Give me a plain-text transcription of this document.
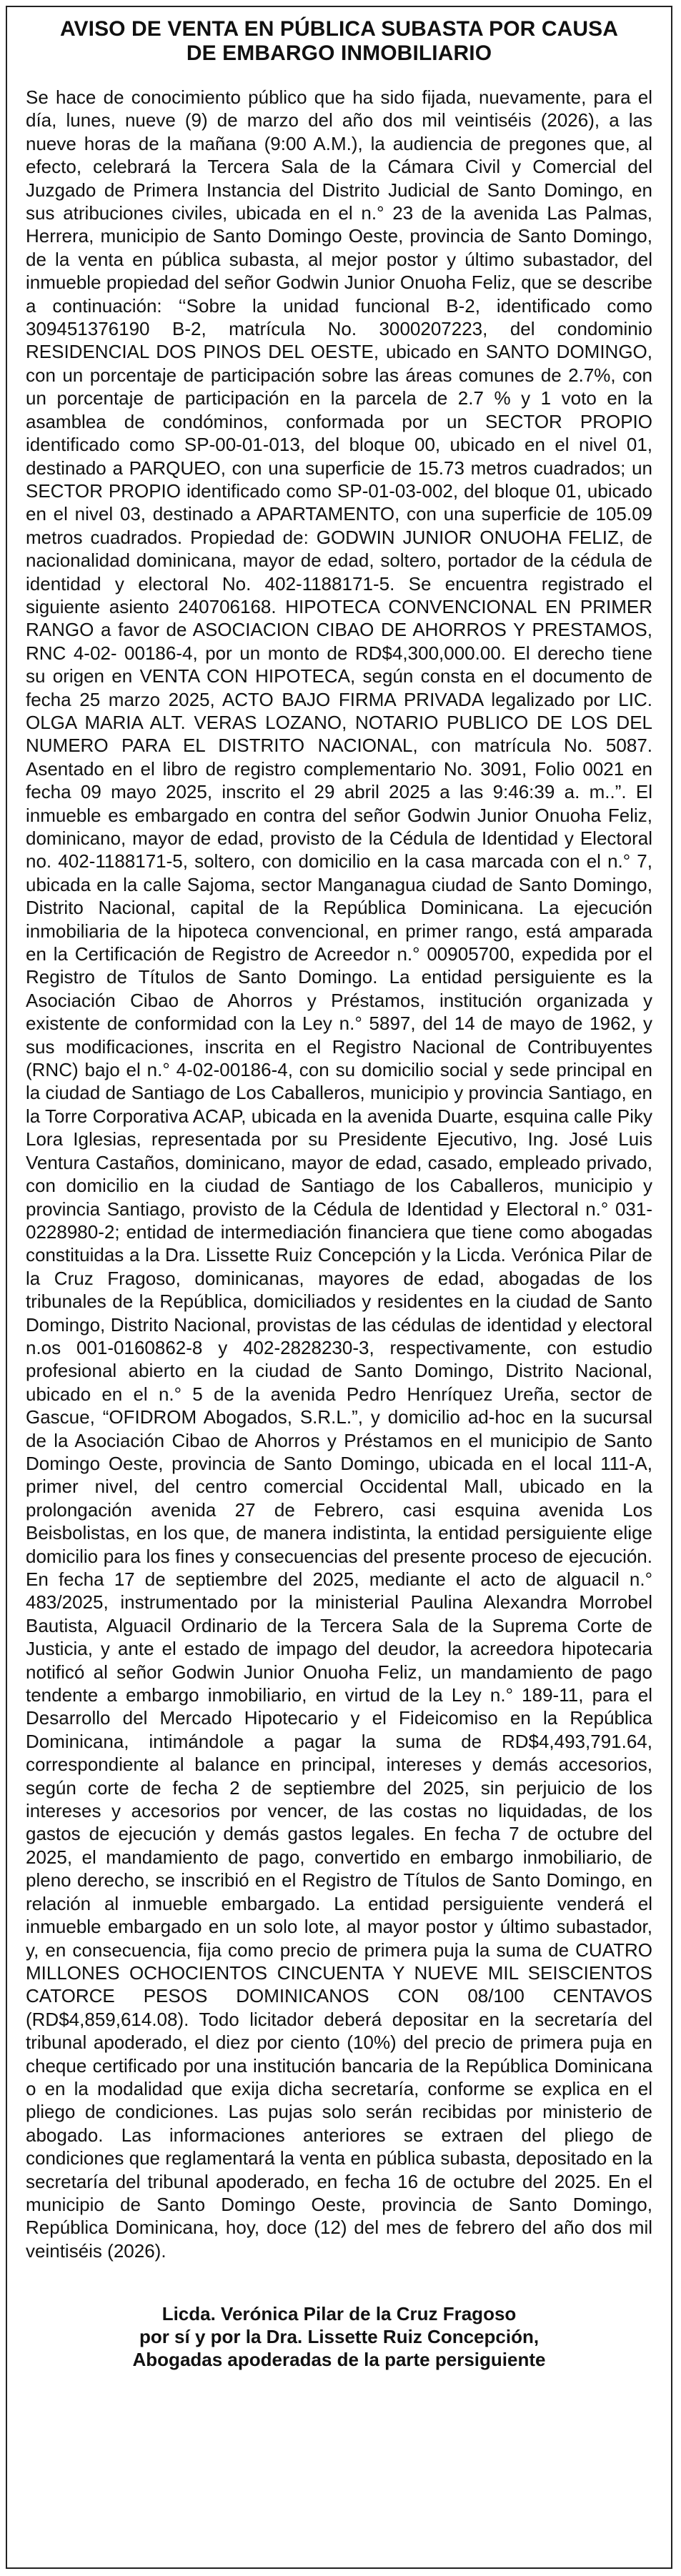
AVISO DE VENTA EN PÚBLICA SUBASTA POR CAUSA
DE EMBARGO INMOBILIARIO

Se hace de conocimiento público que ha sido fijada, nuevamente, para el día, lunes, nueve (9) de marzo del año dos mil veintiséis (2026), a las nueve horas de la mañana (9:00 A.M.), la audiencia de pregones que, al efecto, celebrará la Tercera Sala de la Cámara Civil y Comercial del Juzgado de Primera Instancia del Distrito Judicial de Santo Domingo, en sus atribuciones civiles, ubicada en el n.° 23 de la avenida Las Palmas, Herrera, municipio de Santo Domingo Oeste, provincia de Santo Domingo, de la venta en pública subasta, al mejor postor y último subastador, del inmueble propiedad del señor Godwin Junior Onuoha Feliz, que se describe a continuación: ‘‘Sobre la unidad funcional B-2, identificado como 309451376190 B-2, matrícula No. 3000207223, del condominio RESIDENCIAL DOS PINOS DEL OESTE, ubicado en SANTO DOMINGO, con un porcentaje de participación sobre las áreas comunes de 2.7%, con un porcentaje de participación en la parcela de 2.7 % y 1 voto en la asamblea de condóminos, conformada por un SECTOR PROPIO identificado como SP-00-01-013, del bloque 00, ubicado en el nivel 01, destinado a PARQUEO, con una superficie de 15.73 metros cuadrados; un SECTOR PROPIO identificado como SP-01-03-002, del bloque 01, ubicado en el nivel 03, destinado a APARTAMENTO, con una superficie de 105.09 metros cuadrados. Propiedad de: GODWIN JUNIOR ONUOHA FELIZ, de nacionalidad dominicana, mayor de edad, soltero, portador de la cédula de identidad y electoral No. 402-1188171-5. Se encuentra registrado el siguiente asiento 240706168. HIPOTECA CONVENCIONAL EN PRIMER RANGO a favor de ASOCIACION CIBAO DE AHORROS Y PRESTAMOS, RNC 4-02- 00186-4, por un monto de RD$4,300,000.00. El derecho tiene su origen en VENTA CON HIPOTECA, según consta en el documento de fecha 25 marzo 2025, ACTO BAJO FIRMA PRIVADA legalizado por LIC. OLGA MARIA ALT. VERAS LOZANO, NOTARIO PUBLICO DE LOS DEL NUMERO PARA EL DISTRITO NACIONAL, con matrícula No. 5087. Asentado en el libro de registro complementario No. 3091, Folio 0021 en fecha 09 mayo 2025, inscrito el 29 abril 2025 a las 9:46:39 a. m..”. El inmueble es embargado en contra del señor Godwin Junior Onuoha Feliz, dominicano, mayor de edad, provisto de la Cédula de Identidad y Electoral no. 402-1188171-5, soltero, con domicilio en la casa marcada con el n.° 7, ubicada en la calle Sajoma, sector Manganagua ciudad de Santo Domingo, Distrito Nacional, capital de la República Dominicana. La ejecución inmobiliaria de la hipoteca convencional, en primer rango, está amparada en la Certificación de Registro de Acreedor n.° 00905700, expedida por el Registro de Títulos de Santo Domingo. La entidad persiguiente es la Asociación Cibao de Ahorros y Préstamos, institución organizada y existente de conformidad con la Ley n.° 5897, del 14 de mayo de 1962, y sus modificaciones, inscrita en el Registro Nacional de Contribuyentes (RNC) bajo el n.° 4-02-00186-4, con su domicilio social y sede principal en la ciudad de Santiago de Los Caballeros, municipio y provincia Santiago, en la Torre Corporativa ACAP, ubicada en la avenida Duarte, esquina calle Piky Lora Iglesias, representada por su Presidente Ejecutivo, Ing. José Luis Ventura Castaños, dominicano, mayor de edad, casado, empleado privado, con domicilio en la ciudad de Santiago de los Caballeros, municipio y provincia Santiago, provisto de la Cédula de Identidad y Electoral n.° 031-0228980-2; entidad de intermediación financiera que tiene como abogadas constituidas a la Dra. Lissette Ruiz Concepción y la Licda. Verónica Pilar de la Cruz Fragoso, dominicanas, mayores de edad, abogadas de los tribunales de la República, domiciliados y residentes en la ciudad de Santo Domingo, Distrito Nacional, provistas de las cédulas de identidad y electoral n.os 001-0160862-8 y 402-2828230-3, respectivamente, con estudio profesional abierto en la ciudad de Santo Domingo, Distrito Nacional, ubicado en el n.° 5 de la avenida Pedro Henríquez Ureña, sector de Gascue, “OFIDROM Abogados, S.R.L.”, y domicilio ad-hoc en la sucursal de la Asociación Cibao de Ahorros y Préstamos en el municipio de Santo Domingo Oeste, provincia de Santo Domingo, ubicada en el local 111-A, primer nivel, del centro comercial Occidental Mall, ubicado en la prolongación avenida 27 de Febrero, casi esquina avenida Los Beisbolistas, en los que, de manera indistinta, la entidad persiguiente elige domicilio para los fines y consecuencias del presente proceso de ejecución. En fecha 17 de septiembre del 2025, mediante el acto de alguacil n.° 483/2025, instrumentado por la ministerial Paulina Alexandra Morrobel Bautista, Alguacil Ordinario de la Tercera Sala de la Suprema Corte de Justicia, y ante el estado de impago del deudor, la acreedora hipotecaria notificó al señor Godwin Junior Onuoha Feliz, un mandamiento de pago tendente a embargo inmobiliario, en virtud de la Ley n.° 189-11, para el Desarrollo del Mercado Hipotecario y el Fideicomiso en la República Dominicana, intimándole a pagar la suma de RD$4,493,791.64, correspondiente al balance en principal, intereses y demás accesorios, según corte de fecha 2 de septiembre del 2025, sin perjuicio de los intereses y accesorios por vencer, de las costas no liquidadas, de los gastos de ejecución y demás gastos legales. En fecha 7 de octubre del 2025, el mandamiento de pago, convertido en embargo inmobiliario, de pleno derecho, se inscribió en el Registro de Títulos de Santo Domingo, en relación al inmueble embargado. La entidad persiguiente venderá el inmueble embargado en un solo lote, al mayor postor y último subastador, y, en consecuencia, fija como precio de primera puja la suma de CUATRO MILLONES OCHOCIENTOS CINCUENTA Y NUEVE MIL SEISCIENTOS CATORCE PESOS DOMINICANOS CON 08/100 CENTAVOS (RD$4,859,614.08). Todo licitador deberá depositar en la secretaría del tribunal apoderado, el diez por ciento (10%) del precio de primera puja en cheque certificado por una institución bancaria de la República Dominicana o en la modalidad que exija dicha secretaría, conforme se explica en el pliego de condiciones. Las pujas solo serán recibidas por ministerio de abogado. Las informaciones anteriores se extraen del pliego de condiciones que reglamentará la venta en pública subasta, depositado en la secretaría del tribunal apoderado, en fecha 16 de octubre del 2025. En el municipio de Santo Domingo Oeste, provincia de Santo Domingo, República Dominicana, hoy, doce (12) del mes de febrero del año dos mil veintiséis (2026).

Licda. Verónica Pilar de la Cruz Fragoso
por sí y por la Dra. Lissette Ruiz Concepción,
Abogadas apoderadas de la parte persiguiente
